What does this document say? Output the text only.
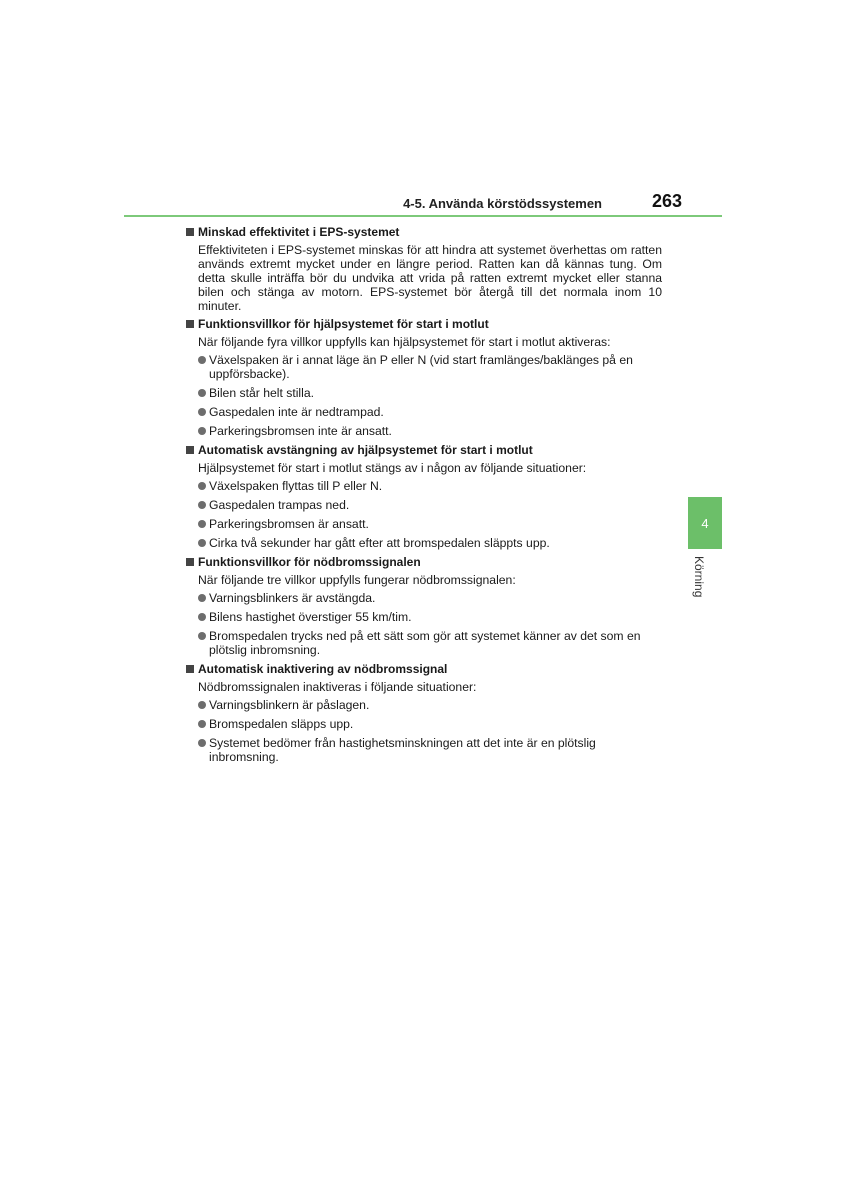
4-5. Använda körstödssystemen	263
4
Körning
Minskad effektivitet i EPS-systemet
Effektiviteten i EPS-systemet minskas för att hindra att systemet överhettas om ratten används extremt mycket under en längre period. Ratten kan då kännas tung. Om detta skulle inträffa bör du undvika att vrida på ratten extremt mycket eller stanna bilen och stänga av motorn. EPS-systemet bör återgå till det normala inom 10 minuter.
Funktionsvillkor för hjälpsystemet för start i motlut
När följande fyra villkor uppfylls kan hjälpsystemet för start i motlut aktiveras:
Växelspaken är i annat läge än P eller N (vid start framlänges/baklänges på en uppförsbacke).
Bilen står helt stilla.
Gaspedalen inte är nedtrampad.
Parkeringsbromsen inte är ansatt.
Automatisk avstängning av hjälpsystemet för start i motlut
Hjälpsystemet för start i motlut stängs av i någon av följande situationer:
Växelspaken flyttas till P eller N.
Gaspedalen trampas ned.
Parkeringsbromsen är ansatt.
Cirka två sekunder har gått efter att bromspedalen släppts upp.
Funktionsvillkor för nödbromssignalen
När följande tre villkor uppfylls fungerar nödbromssignalen:
Varningsblinkers är avstängda.
Bilens hastighet överstiger 55 km/tim.
Bromspedalen trycks ned på ett sätt som gör att systemet känner av det som en plötslig inbromsning.
Automatisk inaktivering av nödbromssignal
Nödbromssignalen inaktiveras i följande situationer:
Varningsblinkern är påslagen.
Bromspedalen släpps upp.
Systemet bedömer från hastighetsminskningen att det inte är en plötslig inbromsning.
